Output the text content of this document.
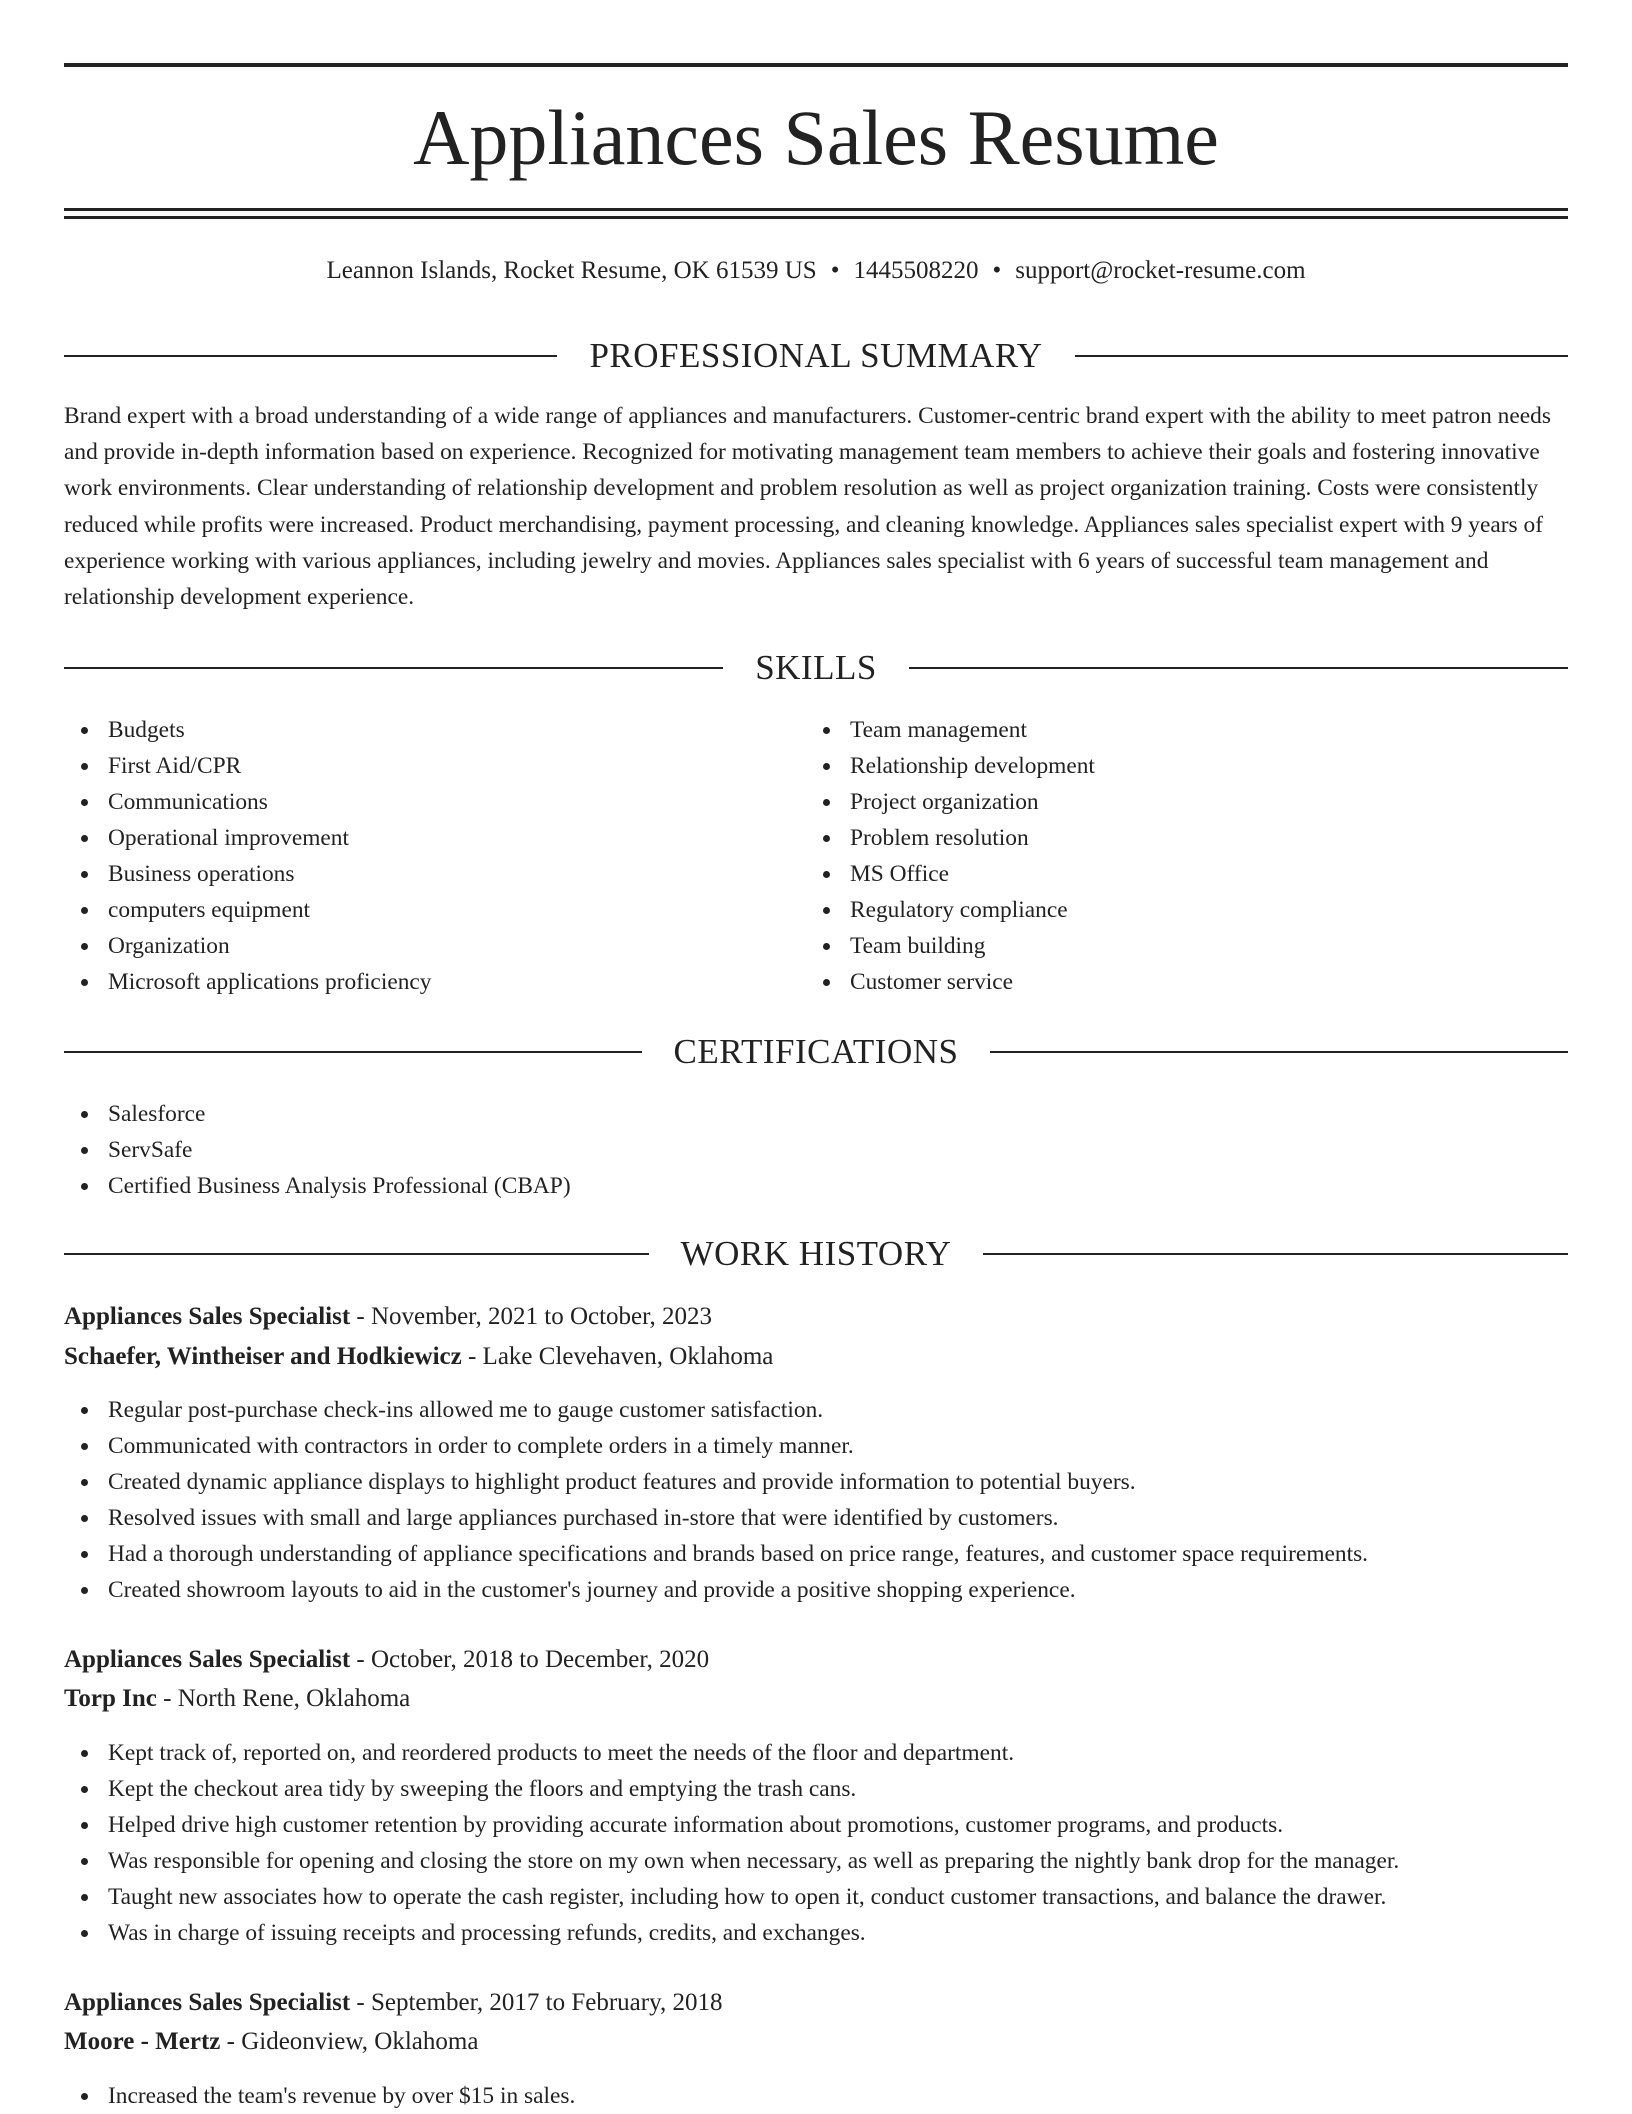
Appliances Sales Resume
Leannon Islands, Rocket Resume, OK 61539 US • 1445508220 • support@rocket-resume.com
PROFESSIONAL SUMMARY

Brand expert with a broad understanding of a wide range of appliances and manufacturers. Customer-centric brand expert with the ability to meet patron needs and provide in-depth information based on experience. Recognized for motivating management team members to achieve their goals and fostering innovative work environments. Clear understanding of relationship development and problem resolution as well as project organization training. Costs were consistently reduced while profits were increased. Product merchandising, payment processing, and cleaning knowledge. Appliances sales specialist expert with 9 years of experience working with various appliances, including jewelry and movies. Appliances sales specialist with 6 years of successful team management and relationship development experience.

SKILLS
Budgets
First Aid/CPR
Communications
Operational improvement
Business operations
computers equipment
Organization
Microsoft applications proficiency
Team management
Relationship development
Project organization
Problem resolution
MS Office
Regulatory compliance
Team building
Customer service
CERTIFICATIONS
Salesforce
ServSafe
Certified Business Analysis Professional (CBAP)
WORK HISTORY
Appliances Sales Specialist - November, 2021 to October, 2023
Schaefer, Wintheiser and Hodkiewicz - Lake Clevehaven, Oklahoma
Regular post-purchase check-ins allowed me to gauge customer satisfaction.
Communicated with contractors in order to complete orders in a timely manner.
Created dynamic appliance displays to highlight product features and provide information to potential buyers.
Resolved issues with small and large appliances purchased in-store that were identified by customers.
Had a thorough understanding of appliance specifications and brands based on price range, features, and customer space requirements.
Created showroom layouts to aid in the customer's journey and provide a positive shopping experience.
Appliances Sales Specialist - October, 2018 to December, 2020
Torp Inc - North Rene, Oklahoma
Kept track of, reported on, and reordered products to meet the needs of the floor and department.
Kept the checkout area tidy by sweeping the floors and emptying the trash cans.
Helped drive high customer retention by providing accurate information about promotions, customer programs, and products.
Was responsible for opening and closing the store on my own when necessary, as well as preparing the nightly bank drop for the manager.
Taught new associates how to operate the cash register, including how to open it, conduct customer transactions, and balance the drawer.
Was in charge of issuing receipts and processing refunds, credits, and exchanges.
Appliances Sales Specialist - September, 2017 to February, 2018
Moore - Mertz - Gideonview, Oklahoma
Increased the team's revenue by over $15 in sales.
